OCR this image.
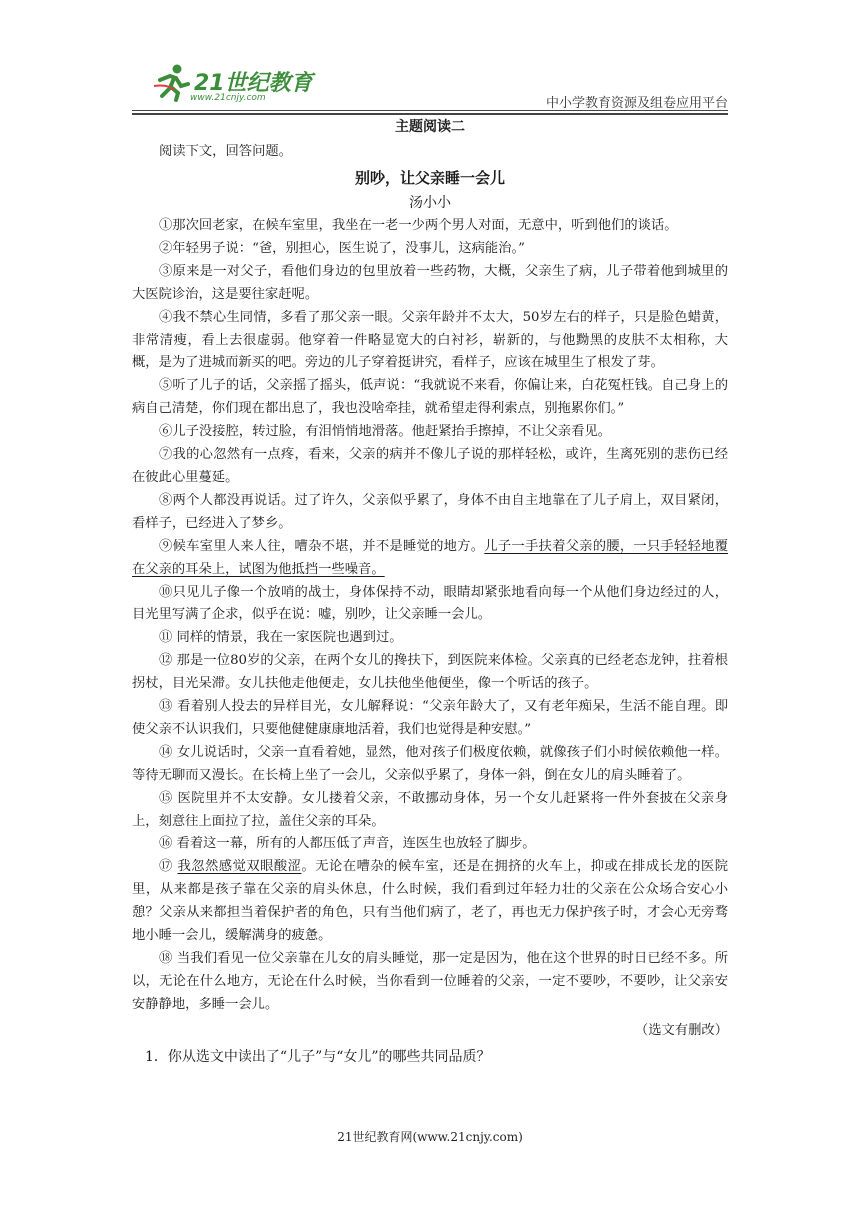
21世纪教育
www.21cnjy.com	中小学教育资源及组卷应用平台
主题阅读二
阅读下文，回答问题。
别吵，让父亲睡一会儿
汤小小

①那次回老家，在候车室里，我坐在一老一少两个男人对面，无意中，听到他们的谈话。

②年轻男子说：“爸，别担心，医生说了，没事儿，这病能治。”

③原来是一对父子，看他们身边的包里放着一些药物，大概，父亲生了病，儿子带着他到城里的大医院诊治，这是要往家赶呢。

④我不禁心生同情，多看了那父亲一眼。父亲年龄并不太大，50岁左右的样子，只是脸色蜡黄，非常清瘦，看上去很虚弱。他穿着一件略显宽大的白衬衫，崭新的，与他黝黑的皮肤不太相称，大概，是为了进城而新买的吧。旁边的儿子穿着挺讲究，看样子，应该在城里生了根发了芽。

⑤听了儿子的话，父亲摇了摇头，低声说：“我就说不来看，你偏让来，白花冤枉钱。自己身上的病自己清楚，你们现在都出息了，我也没啥牵挂，就希望走得利索点，别拖累你们。”

⑥儿子没接腔，转过脸，有泪悄悄地滑落。他赶紧抬手擦掉，不让父亲看见。

⑦我的心忽然有一点疼，看来，父亲的病并不像儿子说的那样轻松，或许，生离死别的悲伤已经在彼此心里蔓延。

⑧两个人都没再说话。过了许久，父亲似乎累了，身体不由自主地靠在了儿子肩上，双目紧闭，看样子，已经进入了梦乡。

⑨候车室里人来人往，嘈杂不堪，并不是睡觉的地方。儿子一手扶着父亲的腰，一只手轻轻地覆在父亲的耳朵上，试图为他抵挡一些噪音。

⑩只见儿子像一个放哨的战士，身体保持不动，眼睛却紧张地看向每一个从他们身边经过的人，目光里写满了企求，似乎在说：嘘，别吵，让父亲睡一会儿。

⑪ 同样的情景，我在一家医院也遇到过。

⑫ 那是一位80岁的父亲，在两个女儿的搀扶下，到医院来体检。父亲真的已经老态龙钟，拄着根拐杖，目光呆滞。女儿扶他走他便走，女儿扶他坐他便坐，像一个听话的孩子。

⑬ 看着别人投去的异样目光，女儿解释说：“父亲年龄大了，又有老年痴呆，生活不能自理。即使父亲不认识我们，只要他健健康康地活着，我们也觉得是种安慰。”

⑭ 女儿说话时，父亲一直看着她，显然，他对孩子们极度依赖，就像孩子们小时候依赖他一样。等待无聊而又漫长。在长椅上坐了一会儿，父亲似乎累了，身体一斜，倒在女儿的肩头睡着了。

⑮ 医院里并不太安静。女儿搂着父亲，不敢挪动身体，另一个女儿赶紧将一件外套披在父亲身上，刻意往上面拉了拉，盖住父亲的耳朵。

⑯ 看着这一幕，所有的人都压低了声音，连医生也放轻了脚步。

⑰ 我忽然感觉双眼酸涩。无论在嘈杂的候车室，还是在拥挤的火车上，抑或在排成长龙的医院里，从来都是孩子靠在父亲的肩头休息，什么时候，我们看到过年轻力壮的父亲在公众场合安心小憩？父亲从来都担当着保护者的角色，只有当他们病了，老了，再也无力保护孩子时，才会心无旁骛地小睡一会儿，缓解满身的疲惫。

⑱ 当我们看见一位父亲靠在儿女的肩头睡觉，那一定是因为，他在这个世界的时日已经不多。所以，无论在什么地方，无论在什么时候，当你看到一位睡着的父亲，一定不要吵，不要吵，让父亲安安静静地，多睡一会儿。

（选文有删改）
1．你从选文中读出了“儿子”与“女儿”的哪些共同品质？
21世纪教育网(www.21cnjy.com)
